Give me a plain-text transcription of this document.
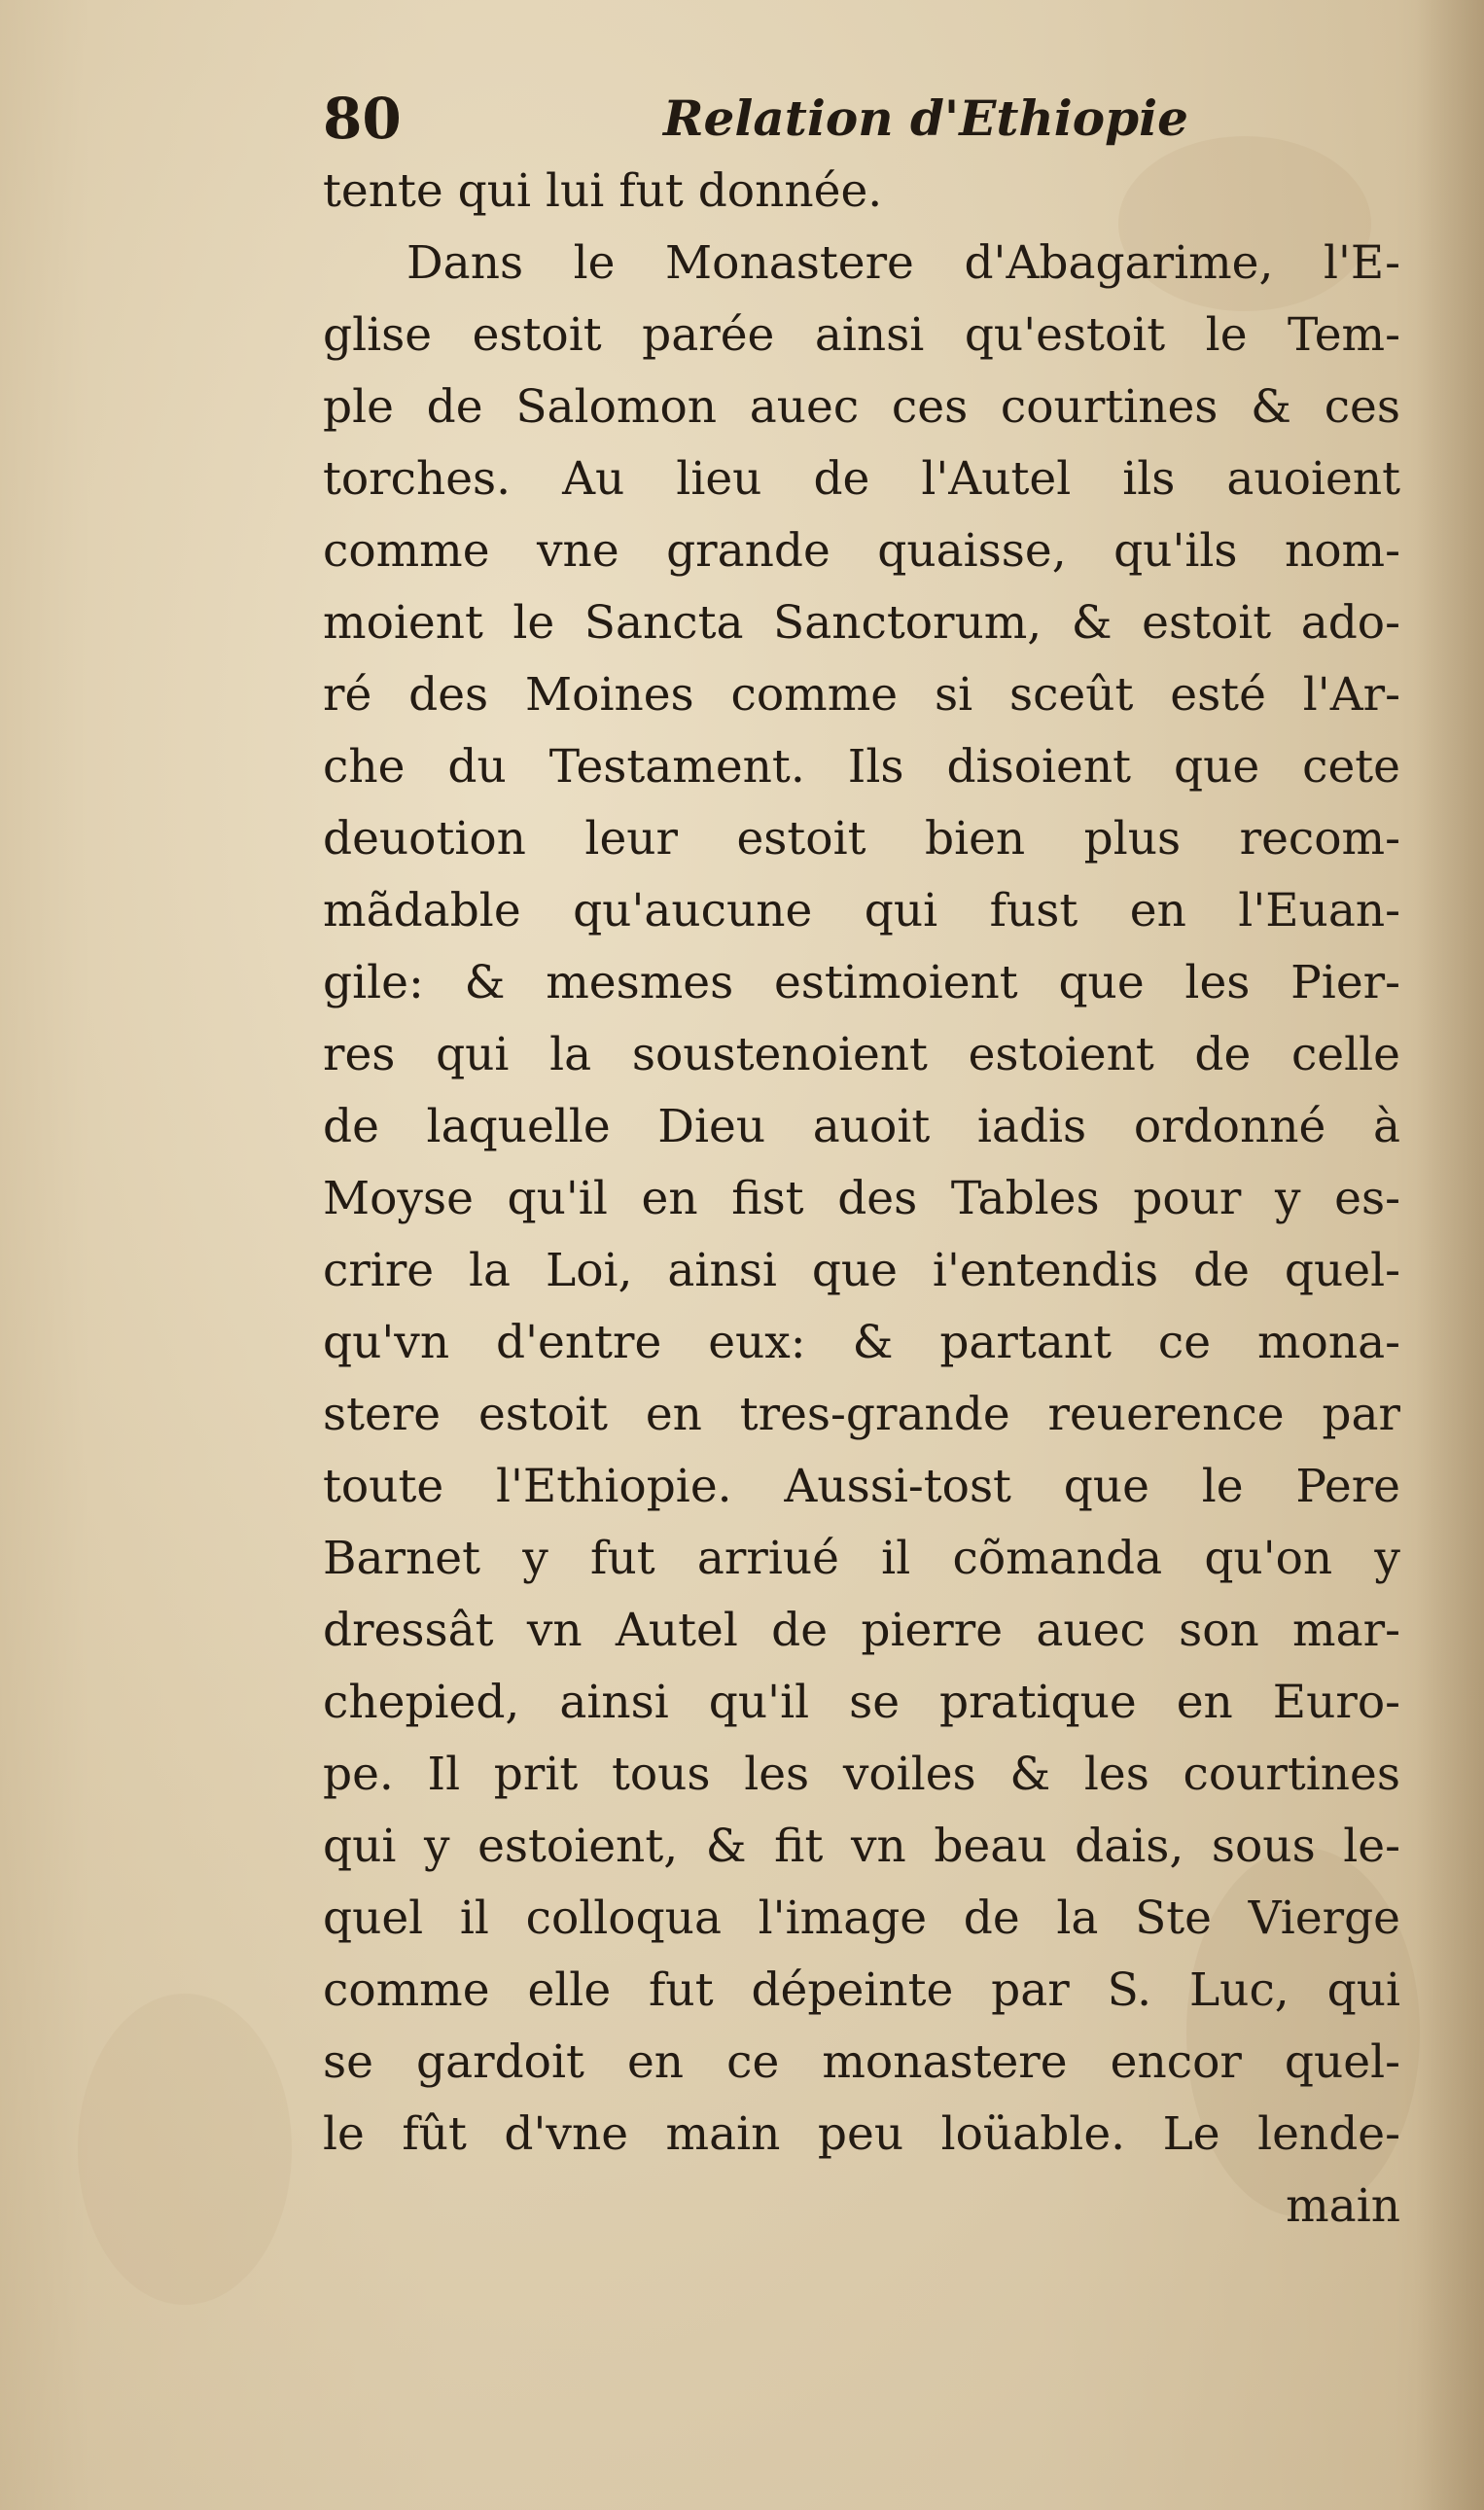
80	Relation d'Ethiopie
tente qui lui fut donnée.
Dans le Monastere d'Abagarime, l'E-
glise estoit parée ainsi qu'estoit le Tem-
ple de Salomon auec ces courtines & ces
torches. Au lieu de l'Autel ils auoient
comme vne grande quaisse, qu'ils nom-
moient le Sancta Sanctorum, & estoit ado-
ré des Moines comme si sceût esté l'Ar-
che du Testament. Ils disoient que cete
deuotion leur estoit bien plus recom-
mãdable qu'aucune qui fust en l'Euan-
gile: & mesmes estimoient que les Pier-
res qui la soustenoient estoient de celle
de laquelle Dieu auoit iadis ordonné à
Moyse qu'il en fist des Tables pour y es-
crire la Loi, ainsi que i'entendis de quel-
qu'vn d'entre eux: & partant ce mona-
stere estoit en tres-grande reuerence par
toute l'Ethiopie. Aussi-tost que le Pere
Barnet y fut arriué il cõmanda qu'on y
dressât vn Autel de pierre auec son mar-
chepied, ainsi qu'il se pratique en Euro-
pe. Il prit tous les voiles & les courtines
qui y estoient, & fit vn beau dais, sous le-
quel il colloqua l'image de la Ste Vierge
comme elle fut dépeinte par S. Luc, qui
se gardoit en ce monastere encor quel-
le fût d'vne main peu loüable. Le lende-
main
